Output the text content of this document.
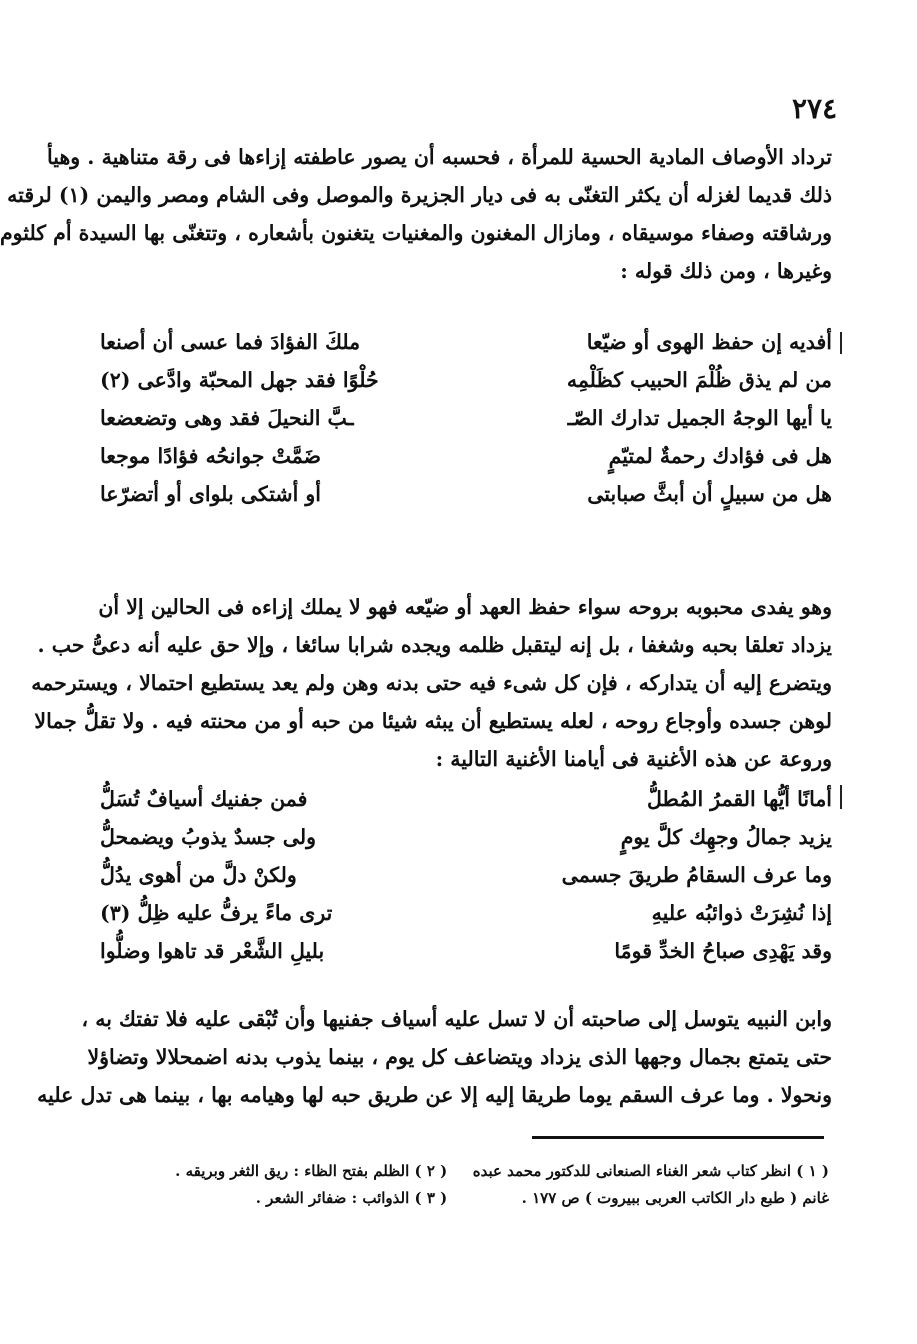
٢٧٤
ترداد الأوصاف المادية الحسية للمرأة ، فحسبه أن يصور عاطفته إزاءها فى رقة متناهية . وهيأ
ذلك قديما لغزله أن يكثر التغنّى به فى ديار الجزيرة والموصل وفى الشام ومصر واليمن (١) لرقته
ورشاقته وصفاء موسيقاه ، ومازال المغنون والمغنيات يتغنون بأشعاره ، وتتغنّى بها السيدة أم كلثوم
وغيرها ، ومن ذلك قوله :
أفديه إن حفظ الهوى أو ضيّعا
ملكَ الفؤادَ فما عسى أن أصنعا
من لم يذق ظُلْمَ الحبيب كظَلْمِه
حُلْوًا فقد جهل المحبّة وادَّعى (٢)
يا أيها الوجهُ الجميل تدارك الصّـ
ـبَّ النحيلَ فقد وهى وتضعضعا
هل فى فؤادك رحمةٌ لمتيّمٍ
ضَمَّتْ جوانحُه فؤادًا موجعا
هل من سبيلٍ أن أبثَّ صبابتى
أو أشتكى بلواى أو أتضرّعا
وهو يفدى محبوبه بروحه سواء حفظ العهد أو ضيّعه فهو لا يملك إزاءه فى الحالين إلا أن
يزداد تعلقا بحبه وشغفا ، بل إنه ليتقبل ظلمه ويجده شرابا سائغا ، وإلا حق عليه أنه دعىُّ حب .
ويتضرع إليه أن يتداركه ، فإن كل شىء فيه حتى بدنه وهن ولم يعد يستطيع احتمالا ، ويسترحمه
لوهن جسده وأوجاع روحه ، لعله يستطيع أن يبثه شيئا من حبه أو من محنته فيه . ولا تقلُّ جمالا
وروعة عن هذه الأغنية فى أيامنا الأغنية التالية :
أمانًا أيُّها القمرُ المُطلُّ
فمن جفنيك أسيافٌ تُسَلُّ
يزيد جمالُ وجهِك كلَّ يومٍ
ولى جسدٌ يذوبُ ويضمحلُّ
وما عرف السقامُ طريقَ جسمى
ولكنْ دلَّ من أهوى يدُلُّ
إذا نُشِرَتْ ذوائبُه عليهِ
ترى ماءً يرفُّ عليه ظِلُّ (٣)
وقد يَهْدِى صباحُ الخدِّ قومًا
بليلِ الشَّعْر قد تاهوا وضلُّوا
وابن النبيه يتوسل إلى صاحبته أن لا تسل عليه أسياف جفنيها وأن تُبْقى عليه فلا تفتك به ،
حتى يتمتع بجمال وجهها الذى يزداد ويتضاعف كل يوم ، بينما يذوب بدنه اضمحلالا وتضاؤلا
ونحولا . وما عرف السقم يوما طريقا إليه إلا عن طريق حبه لها وهيامه بها ، بينما هى تدل عليه
( ١ ) انظر كتاب شعر الغناء الصنعانى للدكتور محمد عبده
غانم ( طبع دار الكاتب العربى ببيروت ) ص ١٧٧ .
( ٢ ) الظلم بفتح الظاء : ريق الثغر وبريقه .
( ٣ ) الذوائب : ضفائر الشعر .
